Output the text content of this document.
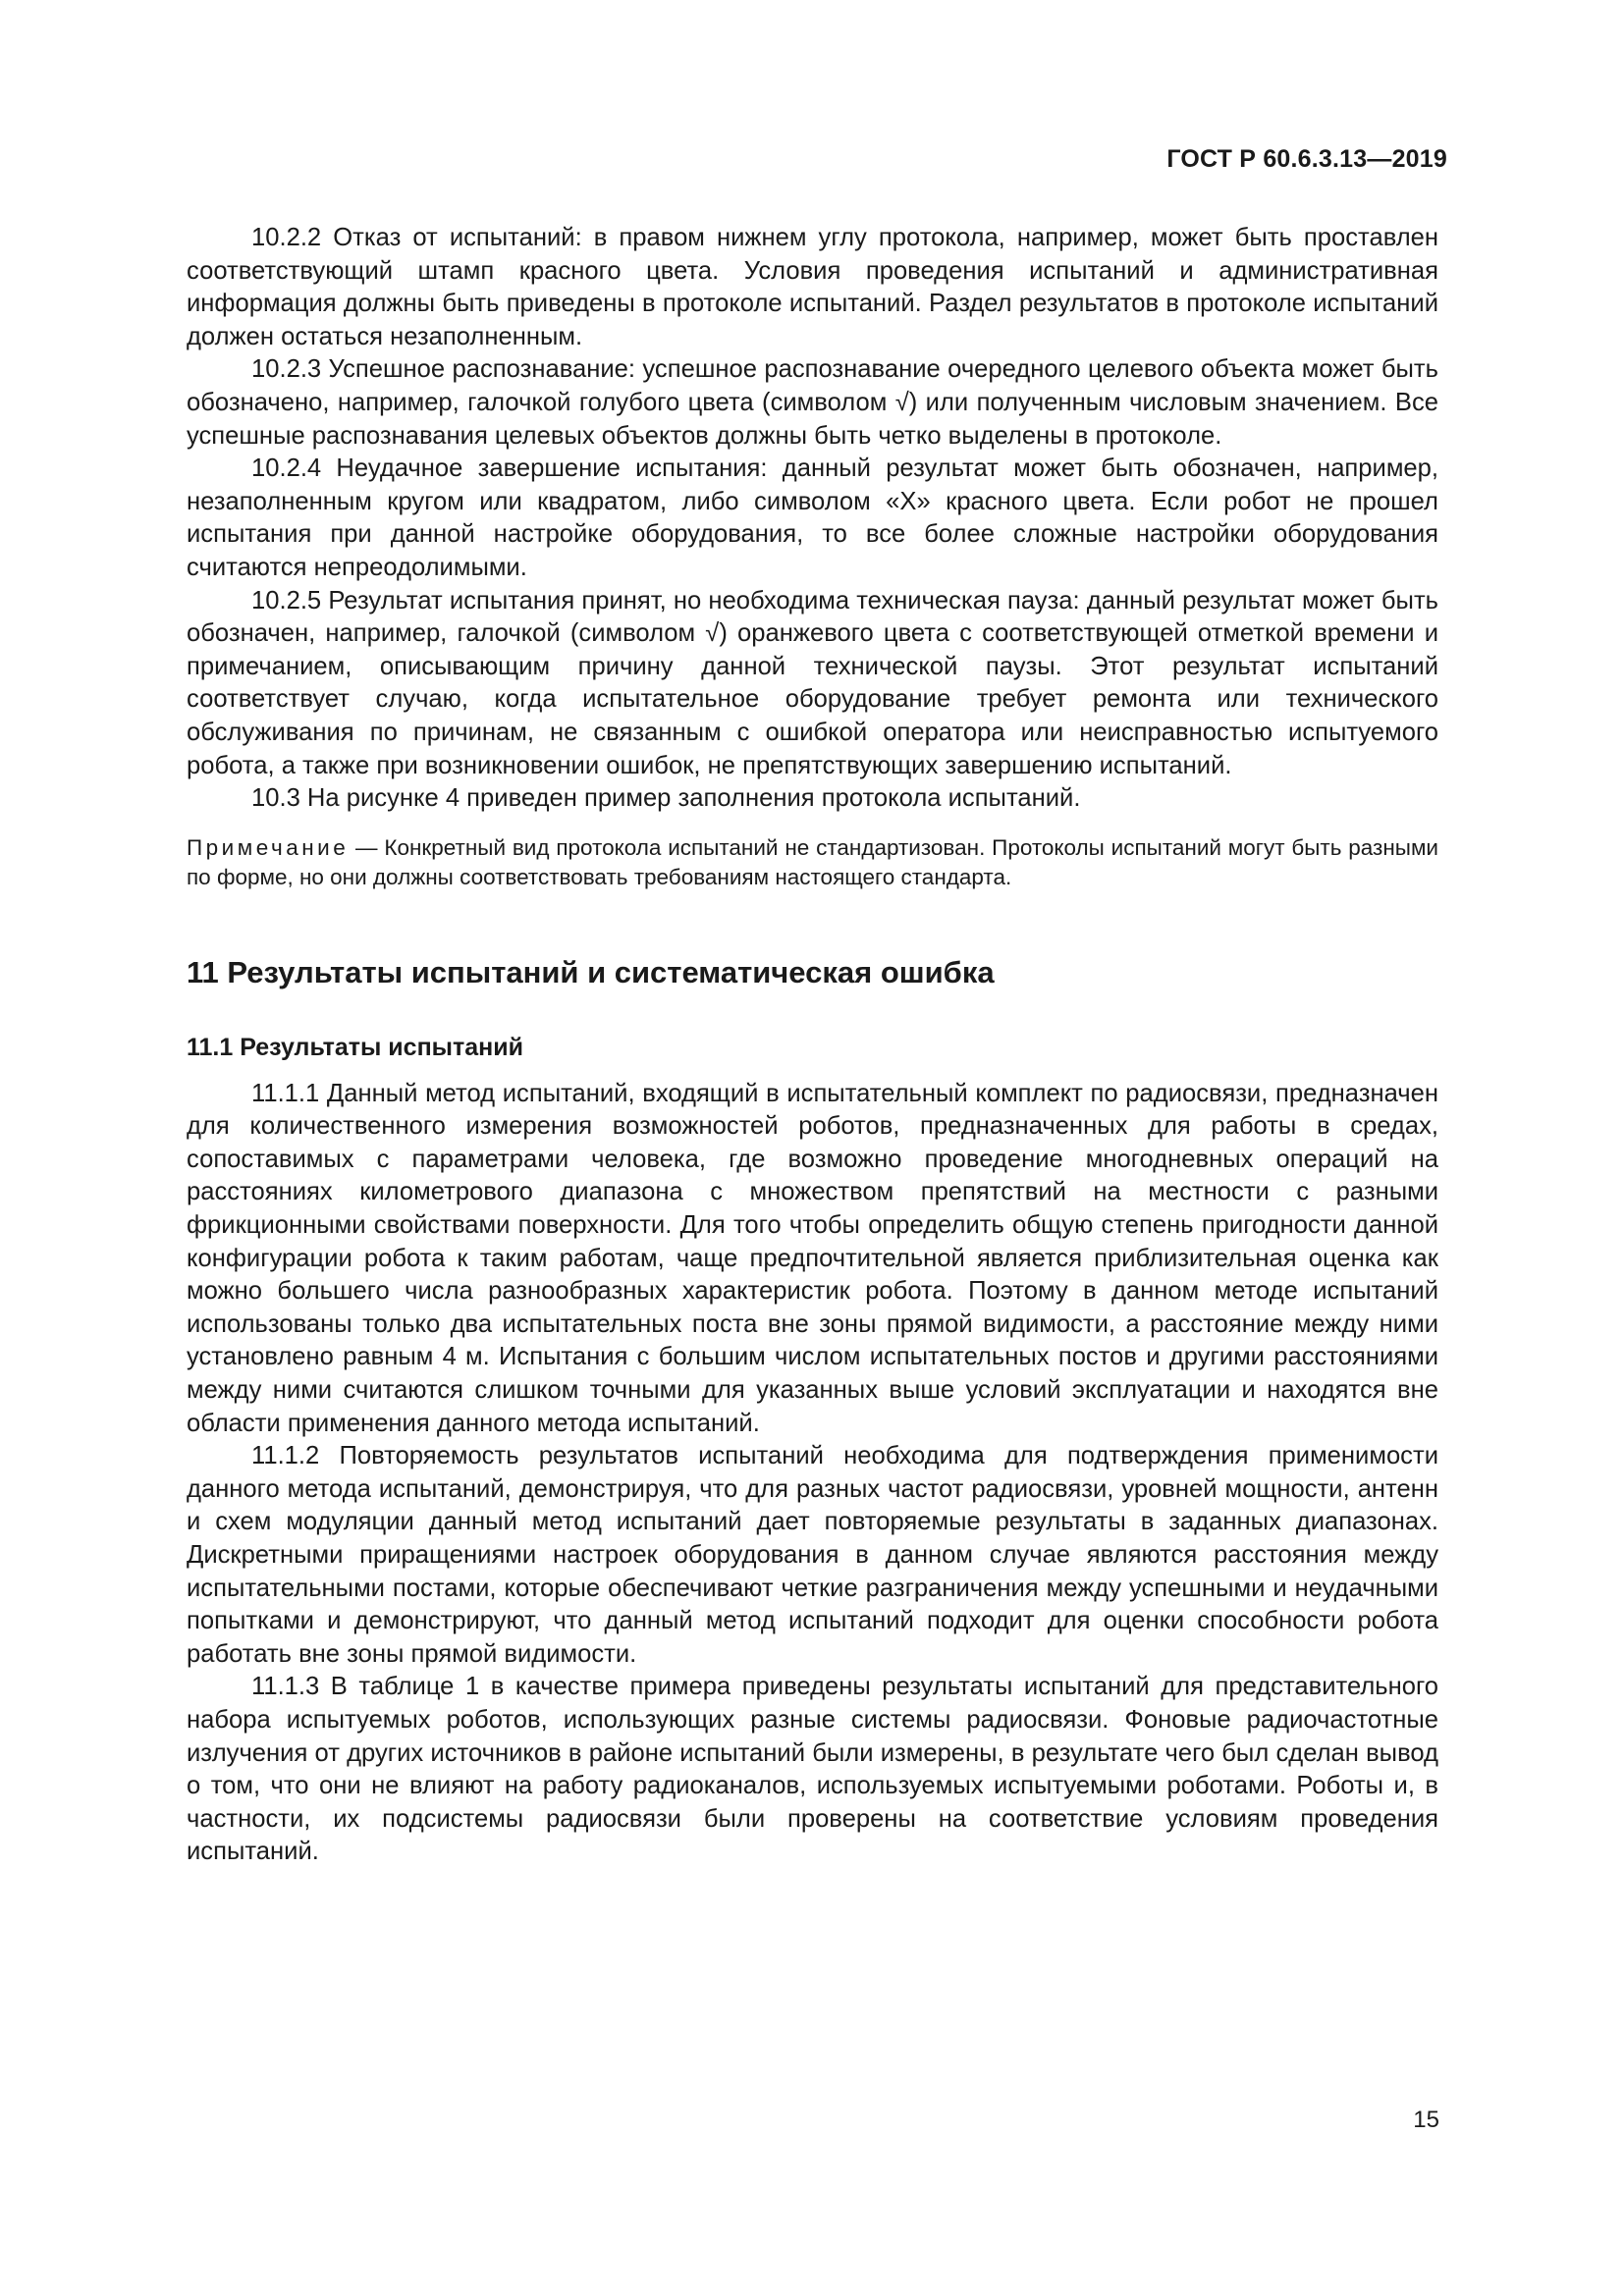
ГОСТ Р 60.6.3.13—2019

10.2.2 Отказ от испытаний: в правом нижнем углу протокола, например, может быть проставлен соответствующий штамп красного цвета. Условия проведения испытаний и административная информация должны быть приведены в протоколе испытаний. Раздел результатов в протоколе испытаний должен остаться незаполненным.

10.2.3 Успешное распознавание: успешное распознавание очередного целевого объекта может быть обозначено, например, галочкой голубого цвета (символом √) или полученным числовым значением. Все успешные распознавания целевых объектов должны быть четко выделены в протоколе.

10.2.4 Неудачное завершение испытания: данный результат может быть обозначен, например, незаполненным кругом или квадратом, либо символом «X» красного цвета. Если робот не прошел испытания при данной настройке оборудования, то все более сложные настройки оборудования считаются непреодолимыми.

10.2.5 Результат испытания принят, но необходима техническая пауза: данный результат может быть обозначен, например, галочкой (символом √) оранжевого цвета с соответствующей отметкой времени и примечанием, описывающим причину данной технической паузы. Этот результат испытаний соответствует случаю, когда испытательное оборудование требует ремонта или технического обслуживания по причинам, не связанным с ошибкой оператора или неисправностью испытуемого робота, а также при возникновении ошибок, не препятствующих завершению испытаний.

10.3 На рисунке 4 приведен пример заполнения протокола испытаний.

Примечание — Конкретный вид протокола испытаний не стандартизован. Протоколы испытаний могут быть разными по форме, но они должны соответствовать требованиям настоящего стандарта.

11 Результаты испытаний и систематическая ошибка
11.1 Результаты испытаний

11.1.1 Данный метод испытаний, входящий в испытательный комплект по радиосвязи, предназначен для количественного измерения возможностей роботов, предназначенных для работы в средах, сопоставимых с параметрами человека, где возможно проведение многодневных операций на расстояниях километрового диапазона с множеством препятствий на местности с разными фрикционными свойствами поверхности. Для того чтобы определить общую степень пригодности данной конфигурации робота к таким работам, чаще предпочтительной является приблизительная оценка как можно большего числа разнообразных характеристик робота. Поэтому в данном методе испытаний использованы только два испытательных поста вне зоны прямой видимости, а расстояние между ними установлено равным 4 м. Испытания с большим числом испытательных постов и другими расстояниями между ними считаются слишком точными для указанных выше условий эксплуатации и находятся вне области применения данного метода испытаний.

11.1.2 Повторяемость результатов испытаний необходима для подтверждения применимости данного метода испытаний, демонстрируя, что для разных частот радиосвязи, уровней мощности, антенн и схем модуляции данный метод испытаний дает повторяемые результаты в заданных диапазонах. Дискретными приращениями настроек оборудования в данном случае являются расстояния между испытательными постами, которые обеспечивают четкие разграничения между успешными и неудачными попытками и демонстрируют, что данный метод испытаний подходит для оценки способности робота работать вне зоны прямой видимости.

11.1.3 В таблице 1 в качестве примера приведены результаты испытаний для представительного набора испытуемых роботов, использующих разные системы радиосвязи. Фоновые радиочастотные излучения от других источников в районе испытаний были измерены, в результате чего был сделан вывод о том, что они не влияют на работу радиоканалов, используемых испытуемыми роботами. Роботы и, в частности, их подсистемы радиосвязи были проверены на соответствие условиям проведения испытаний.

15
